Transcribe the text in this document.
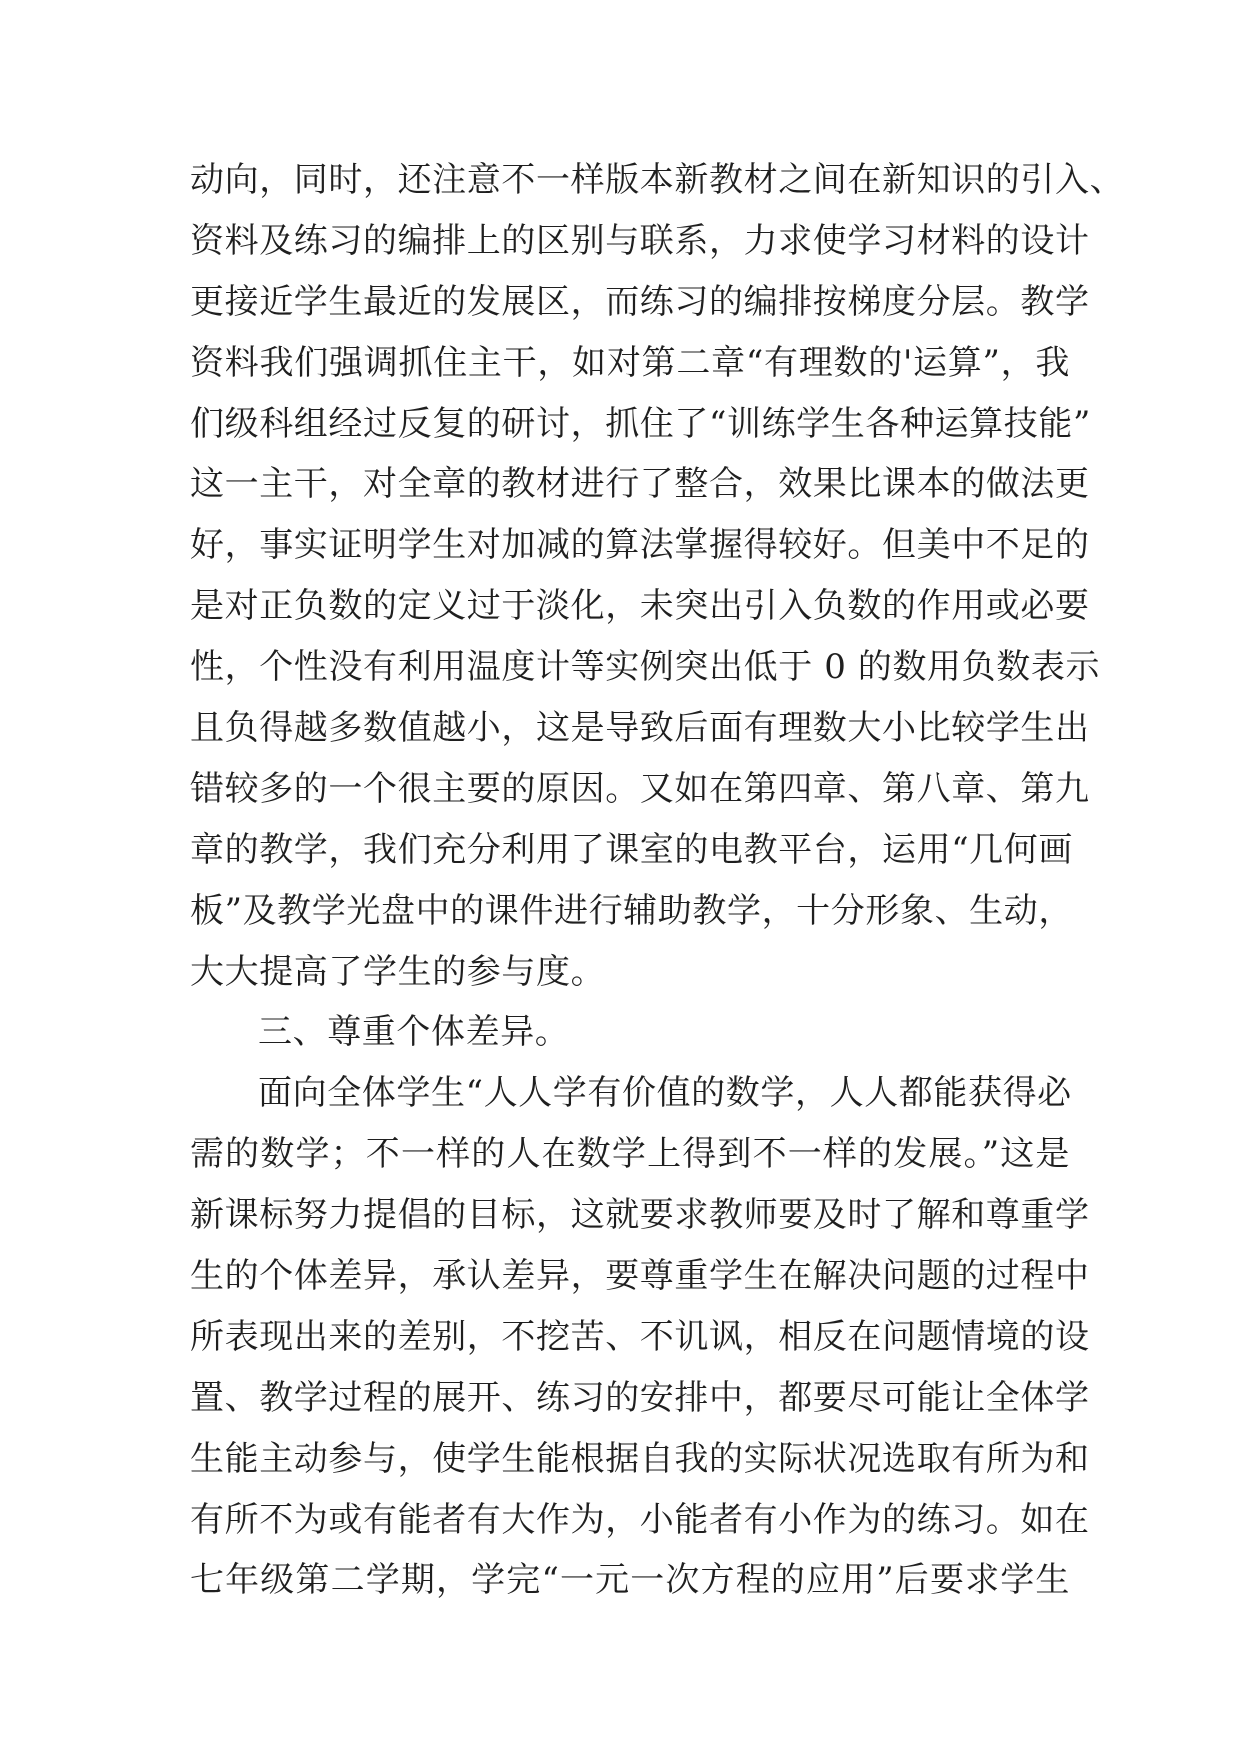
动向，同时，还注意不一样版本新教材之间在新知识的引入、
资料及练习的编排上的区别与联系，力求使学习材料的设计
更接近学生最近的发展区，而练习的编排按梯度分层。教学
资料我们强调抓住主干，如对第二章“有理数的'运算”，我
们级科组经过反复的研讨，抓住了“训练学生各种运算技能”
这一主干，对全章的教材进行了整合，效果比课本的做法更
好，事实证明学生对加减的算法掌握得较好。但美中不足的
是对正负数的定义过于淡化，未突出引入负数的作用或必要
性，个性没有利用温度计等实例突出低于 0 的数用负数表示
且负得越多数值越小，这是导致后面有理数大小比较学生出
错较多的一个很主要的原因。又如在第四章、第八章、第九
章的教学，我们充分利用了课室的电教平台，运用“几何画
板”及教学光盘中的课件进行辅助教学，十分形象、生动，
大大提高了学生的参与度。
三、尊重个体差异。
面向全体学生“人人学有价值的数学，人人都能获得必
需的数学；不一样的人在数学上得到不一样的发展。”这是
新课标努力提倡的目标，这就要求教师要及时了解和尊重学
生的个体差异，承认差异，要尊重学生在解决问题的过程中
所表现出来的差别，不挖苦、不讥讽，相反在问题情境的设
置、教学过程的展开、练习的安排中，都要尽可能让全体学
生能主动参与，使学生能根据自我的实际状况选取有所为和
有所不为或有能者有大作为，小能者有小作为的练习。如在
七年级第二学期，学完“一元一次方程的应用”后要求学生
